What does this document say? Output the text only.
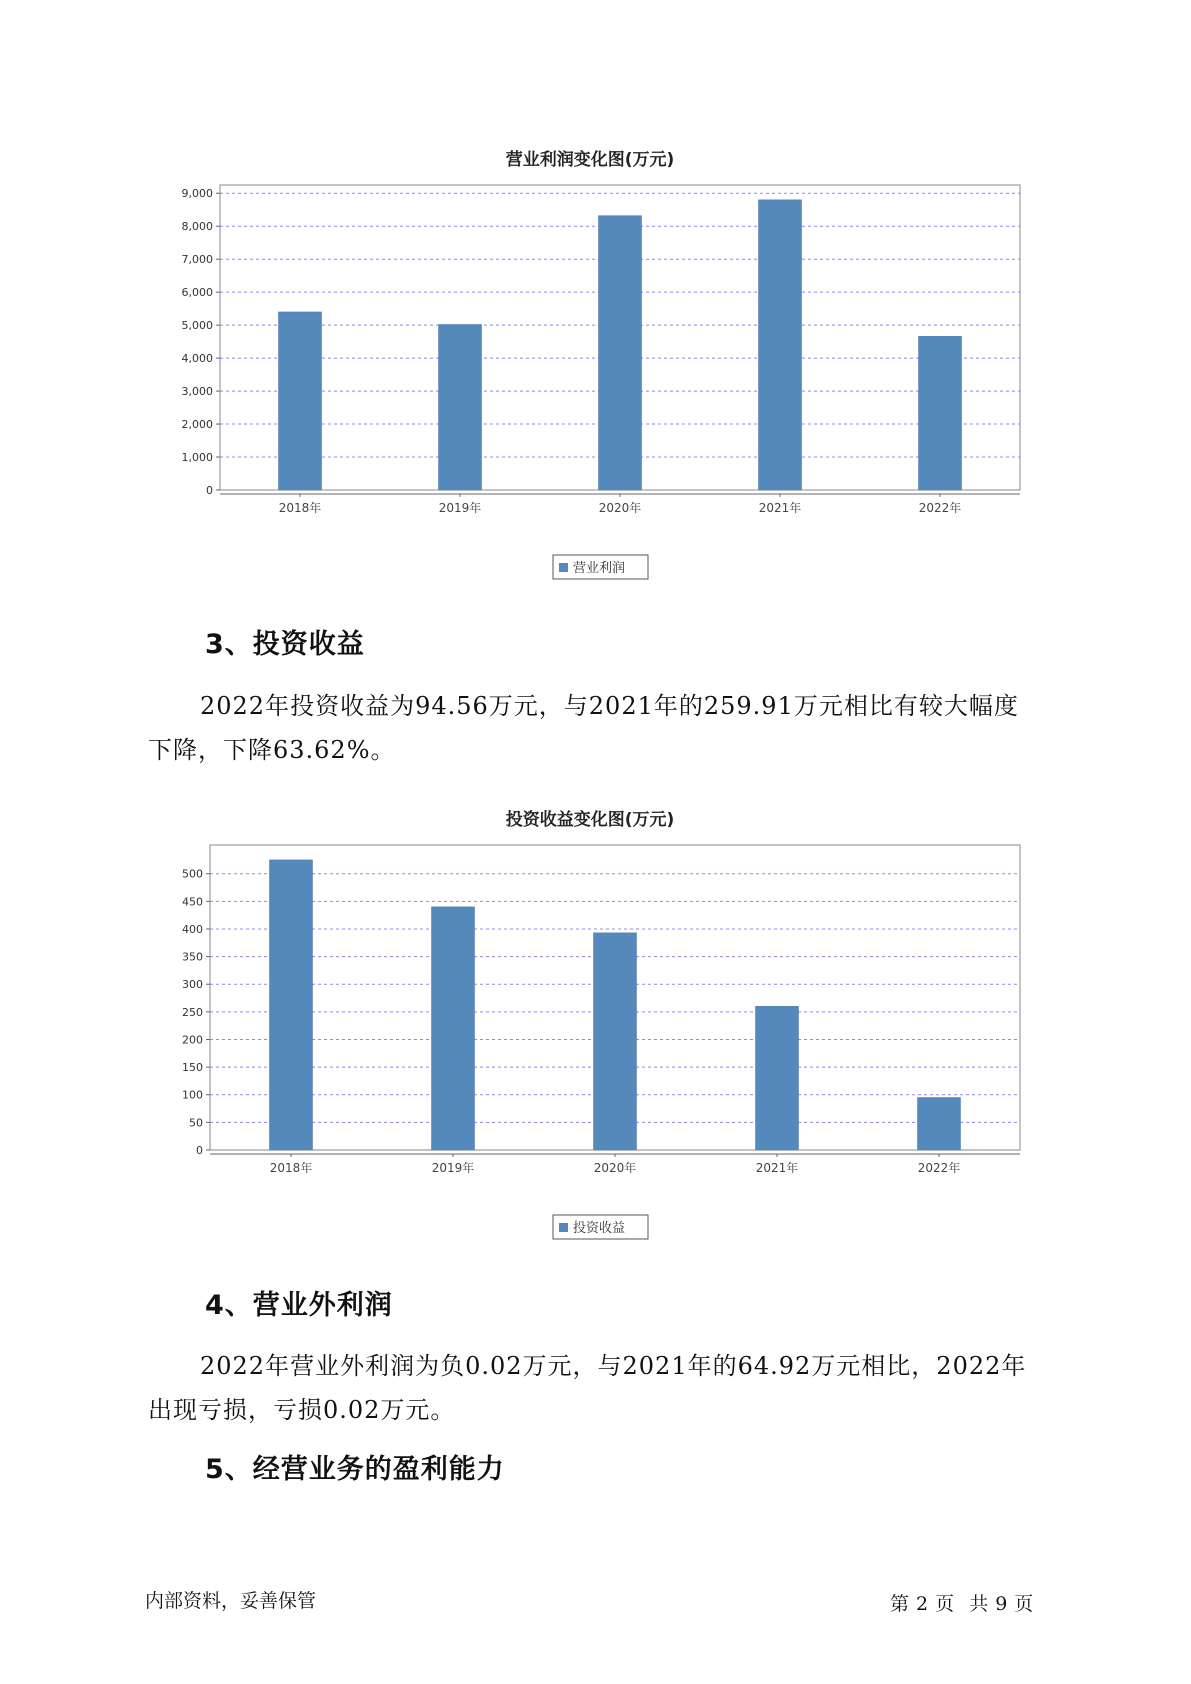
营业利润变化图(万元)
0
1,000
2,000
3,000
4,000
5,000
6,000
7,000
8,000
9,000
2018年	2019年	2020年	2021年	2022年
营业利润
3、投资收益
2022年投资收益为94.56万元，与2021年的259.91万元相比有较大幅度
下降，下降63.62%。
投资收益变化图(万元)
0
50
100
150
200
250
300
350
400
450
500
2018年	2019年	2020年	2021年	2022年
投资收益
4、营业外利润
2022年营业外利润为负0.02万元，与2021年的64.92万元相比，2022年
出现亏损，亏损0.02万元。
5、经营业务的盈利能力
内部资料，妥善保管	第 2 页  共 9 页
